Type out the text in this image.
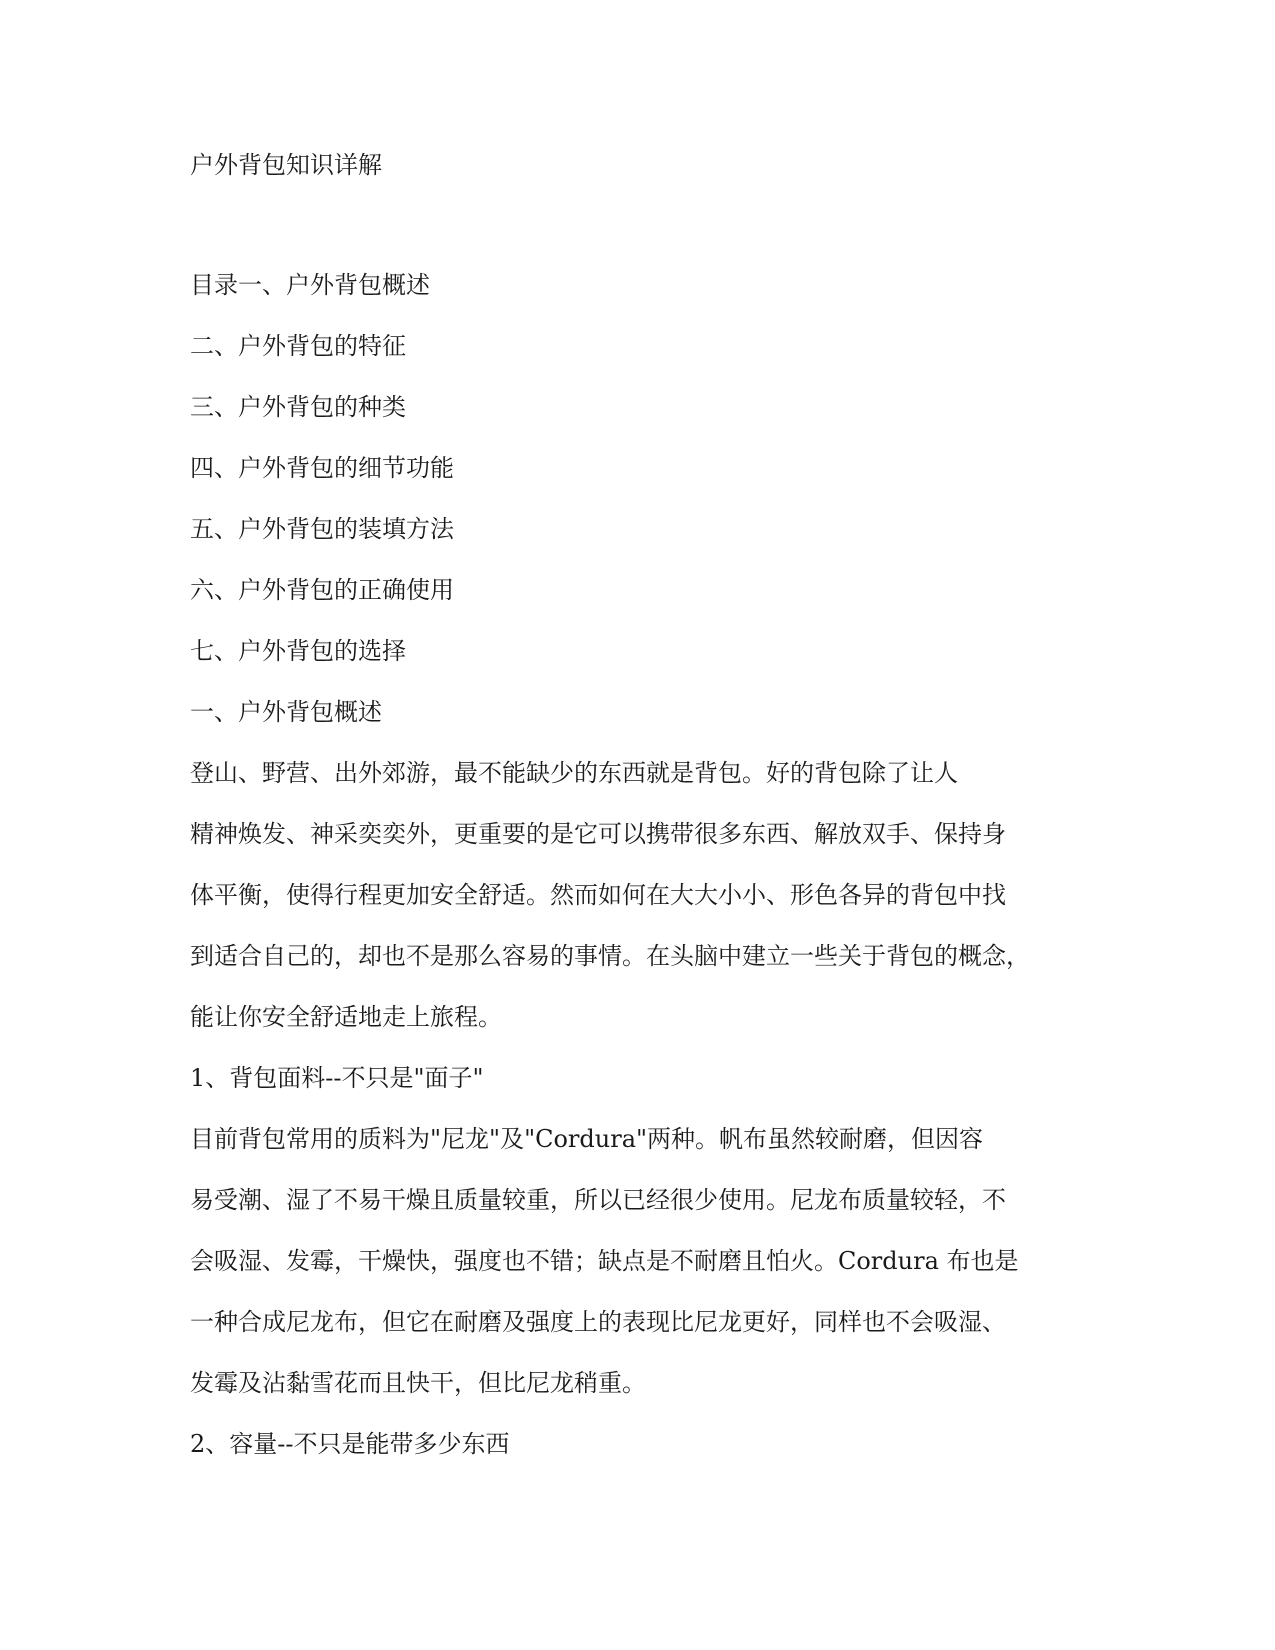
户外背包知识详解
目录一、户外背包概述
二、户外背包的特征
三、户外背包的种类
四、户外背包的细节功能
五、户外背包的装填方法
六、户外背包的正确使用
七、户外背包的选择
一、户外背包概述
登山、野营、出外郊游，最不能缺少的东西就是背包。好的背包除了让人
精神焕发、神采奕奕外，更重要的是它可以携带很多东西、解放双手、保持身
体平衡，使得行程更加安全舒适。然而如何在大大小小、形色各异的背包中找
到适合自己的，却也不是那么容易的事情。在头脑中建立一些关于背包的概念，
能让你安全舒适地走上旅程。
1、背包面料--不只是"面子"
目前背包常用的质料为"尼龙"及"Cordura"两种。帆布虽然较耐磨，但因容
易受潮、湿了不易干燥且质量较重，所以已经很少使用。尼龙布质量较轻，不
会吸湿、发霉，干燥快，强度也不错；缺点是不耐磨且怕火。Cordura 布也是
一种合成尼龙布，但它在耐磨及强度上的表现比尼龙更好，同样也不会吸湿、
发霉及沾黏雪花而且快干，但比尼龙稍重。
2、容量--不只是能带多少东西
